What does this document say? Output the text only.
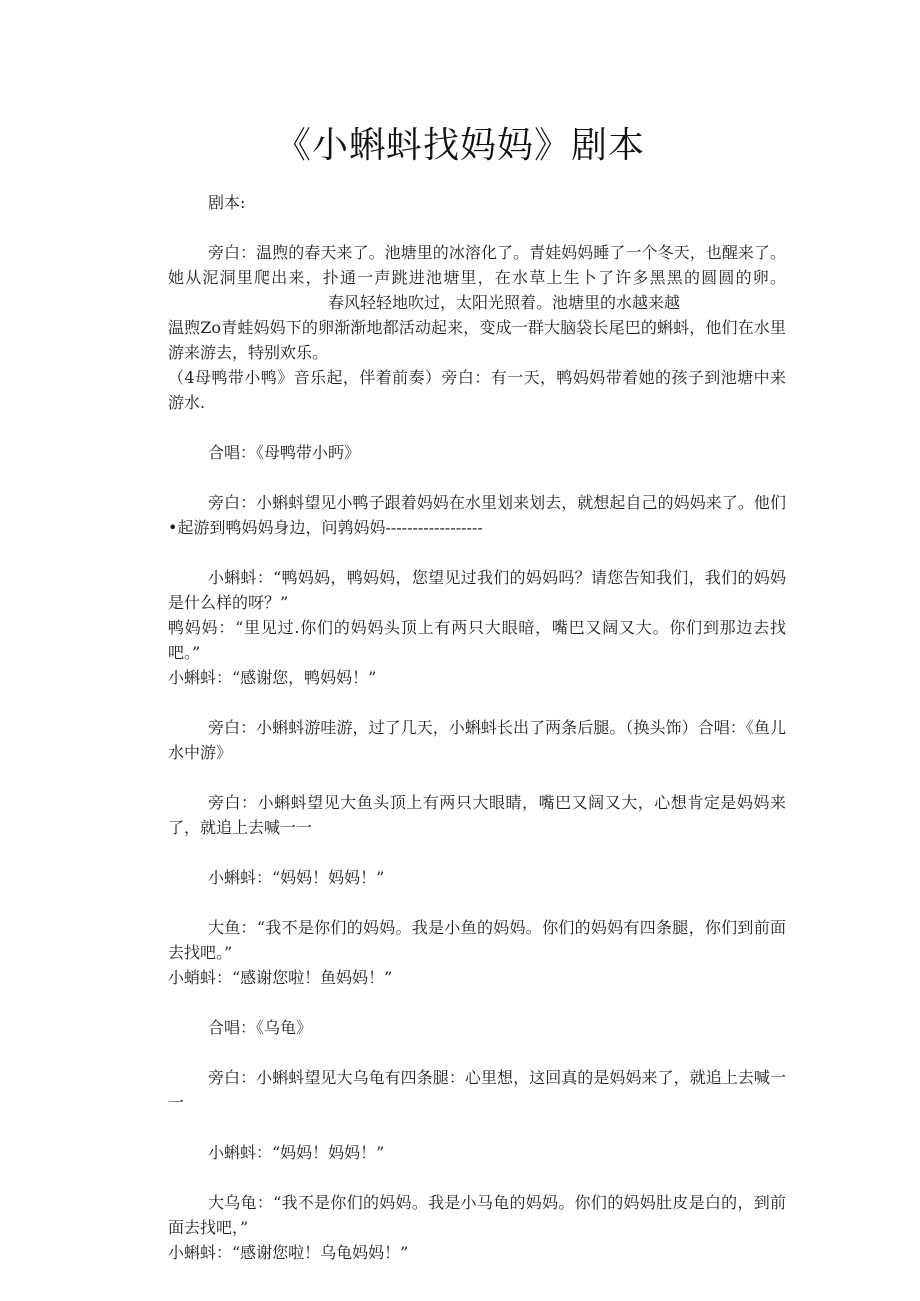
《小蝌蚪找妈妈》剧本

剧本:

旁白：温煦的春天来了。池塘里的冰溶化了。青娃妈妈睡了一个冬天，也醒来了。她从泥洞里爬出来，扑通一声跳进池塘里，在水草上生卜了许多黑黑的圆圆的卵。春风轻轻地吹过，太阳光照着。池塘里的水越来越

温煦Zo青蛙妈妈下的卵渐渐地都活动起来，变成一群大脑袋长尾巴的蝌蚪，他们在水里游来游去，特别欢乐。

（4母鸭带小鸭》音乐起，伴着前奏）旁白：有一天，鸭妈妈带着她的孩子到池塘中来游水.

合唱：《母鸭带小眄》

旁白：小蝌蚪望见小鸭子跟着妈妈在水里划来划去，就想起自己的妈妈来了。他们•起游到鸭妈妈身边，问鹑妈妈------------------

小蝌蚪：“鸭妈妈，鸭妈妈，您望见过我们的妈妈吗？请您告知我们，我们的妈妈是什么样的呀？”

鸭妈妈：“里见过.你们的妈妈头顶上有两只大眼暗，嘴巴又阔又大。你们到那边去找吧。”

小蝌蚪：“感谢您，鸭妈妈！”

旁白：小蝌蚪游哇游，过了几天，小蝌蚪长出了两条后腿。（换头饰）合唱：《鱼儿水中游》

旁白：小蝌蚪望见大鱼头顶上有两只大眼睛，嘴巴又阔又大，心想肯定是妈妈来了，就追上去喊一一

小蝌蚪：“妈妈！妈妈！”

大鱼：“我不是你们的妈妈。我是小鱼的妈妈。你们的妈妈有四条腿，你们到前面去找吧。”

小蛸蚪：“感谢您啦！鱼妈妈！”

合唱：《乌龟》

旁白：小蝌蚪望见大乌龟有四条腿：心里想，这回真的是妈妈来了，就追上去喊一一

小蝌蚪：“妈妈！妈妈！”

大乌龟：“我不是你们的妈妈。我是小马龟的妈妈。你们的妈妈肚皮是白的，到前面去找吧，”

小蝌蚪：“感谢您啦！乌龟妈妈！”
